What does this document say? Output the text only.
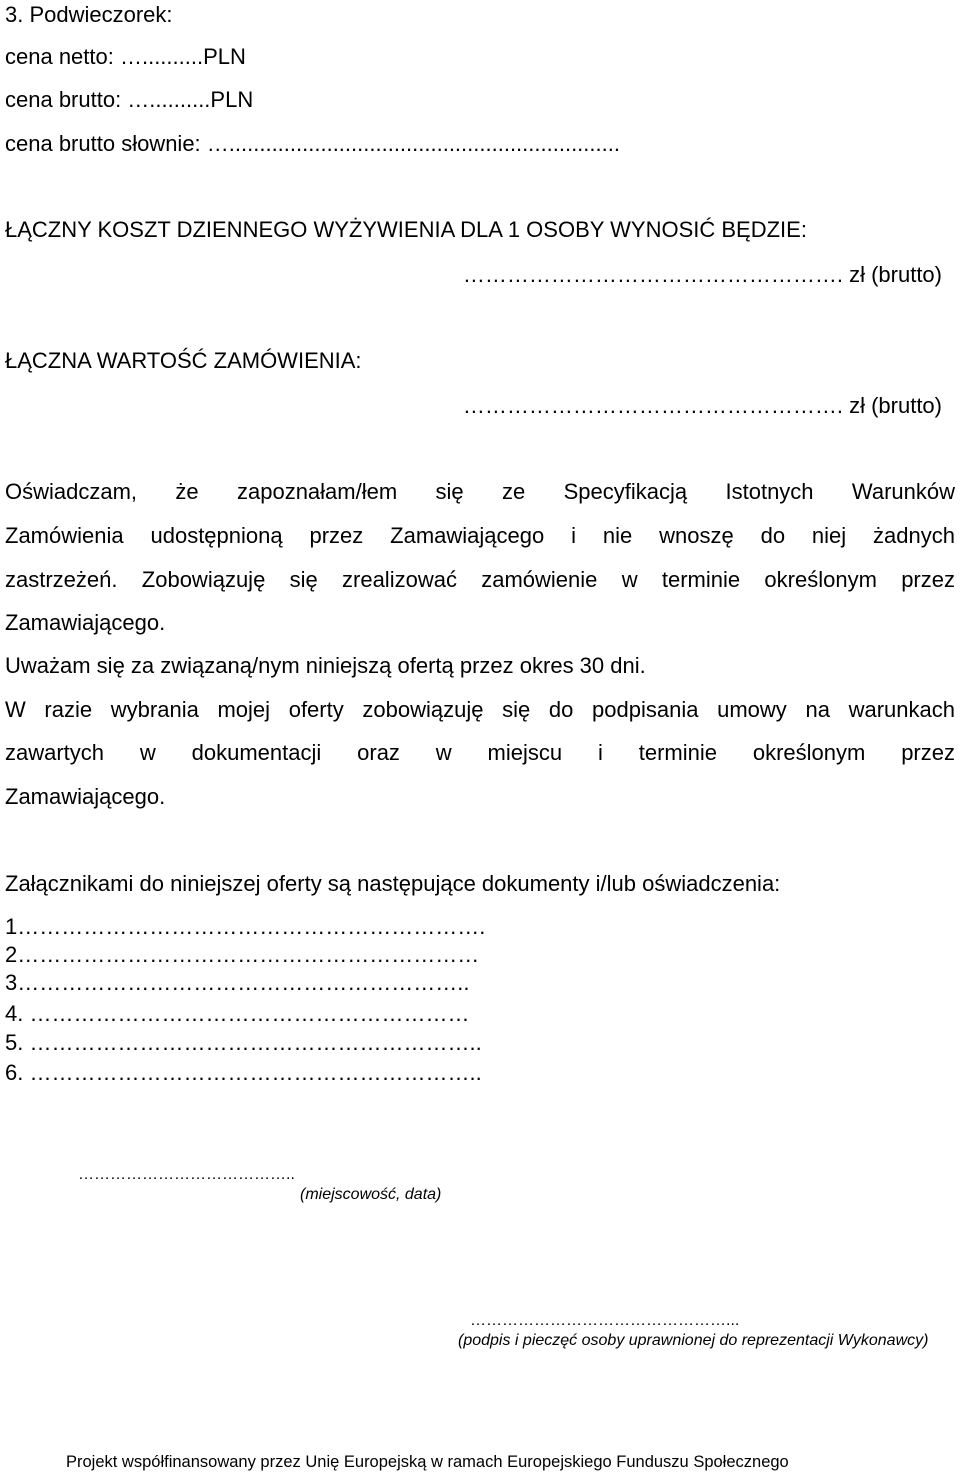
3. Podwieczorek:
cena netto: …..........PLN
cena brutto: …..........PLN
cena brutto słownie: …................................................................
ŁĄCZNY KOSZT DZIENNEGO WYŻYWIENIA DLA 1 OSOBY WYNOSIĆ BĘDZIE:
……………………………………………. zł (brutto)
ŁĄCZNA WARTOŚĆ ZAMÓWIENIA:
……………………………………………. zł (brutto)
Oświadczam, że zapoznałam/łem się ze Specyfikacją Istotnych Warunków
Zamówienia udostępnioną przez Zamawiającego i nie wnoszę do niej żadnych
zastrzeżeń. Zobowiązuję się zrealizować zamówienie w terminie określonym przez
Zamawiającego.
Uważam się za związaną/nym niniejszą ofertą przez okres 30 dni.
W razie wybrania mojej oferty zobowiązuję się do podpisania umowy na warunkach
zawartych w dokumentacji oraz w miejscu i terminie określonym przez
Zamawiającego.
Załącznikami do niniejszej oferty są następujące dokumenty i/lub oświadczenia:
1……………………………………………………….
2………………………………………………………
3……………………………………………………..
4. ……………………………………………………
5. ……………………………………………………..
6. ……………………………………………………..
…………………………………..
(miejscowość, data)
…………………………………………...
(podpis i pieczęć osoby uprawnionej do reprezentacji Wykonawcy)
Projekt współfinansowany przez Unię Europejską w ramach Europejskiego Funduszu Społecznego
